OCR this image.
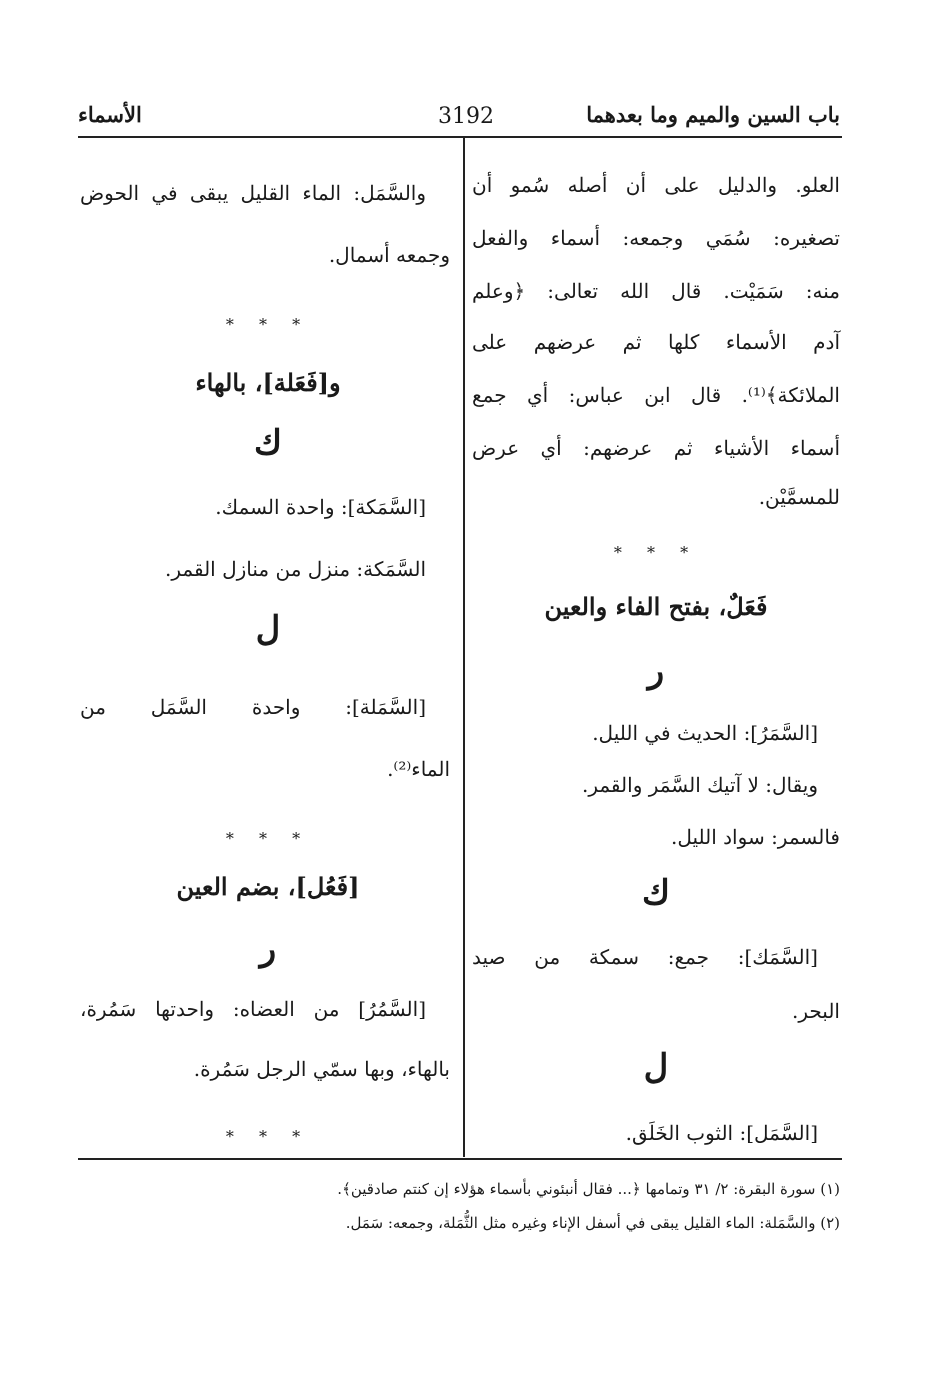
باب السين والميم وما بعدهما
3192
الأسماء
العلو. والدليل على أن أصله سُمو أن
تصغيره: سُمَي وجمعه: أسماء والفعل
منه: سَمَيْت. قال الله تعالى: ﴿وعلم
آدم الأسماء كلها ثم عرضهم على
الملائكة﴾⁽¹⁾. قال ابن عباس: أي جمع
أسماء الأشياء ثم عرضهم: أي عرض
للمسمَّيْن.
* * *
فَعَلٌ، بفتح الفاء والعين
ر
[السَّمَرُ]: الحديث في الليل.
ويقال: لا آتيك السَّمَر والقمر.
فالسمر: سواد الليل.
ك
[السَّمَك]: جمع: سمكة من صيد
البحر.
ل
[السَّمَل]: الثوب الخَلَق.
والسَّمَل: الماء القليل يبقى في الحوض
وجمعه أسمال.
* * *
و[فَعَلة]، بالهاء
ك
[السَّمَكة]: واحدة السمك.
السَّمَكة: منزل من منازل القمر.
ل
[السَّمَلة]: واحدة السَّمَل من
الماء⁽²⁾.
* * *
[فَعُل]، بضم العين
ر
[السَّمُرُ] من العضاه: واحدتها سَمُرة،
بالهاء، وبها سمّي الرجل سَمُرة.
* * *
(١) سورة البقرة: ٢/ ٣١ وتمامها ﴿... فقال أنبئوني بأسماء هؤلاء إن كنتم صادقين﴾.
(٢) والسَّمَلة: الماء القليل يبقى في أسفل الإناء وغيره مثل الثُّمَلة، وجمعه: سَمَل.
